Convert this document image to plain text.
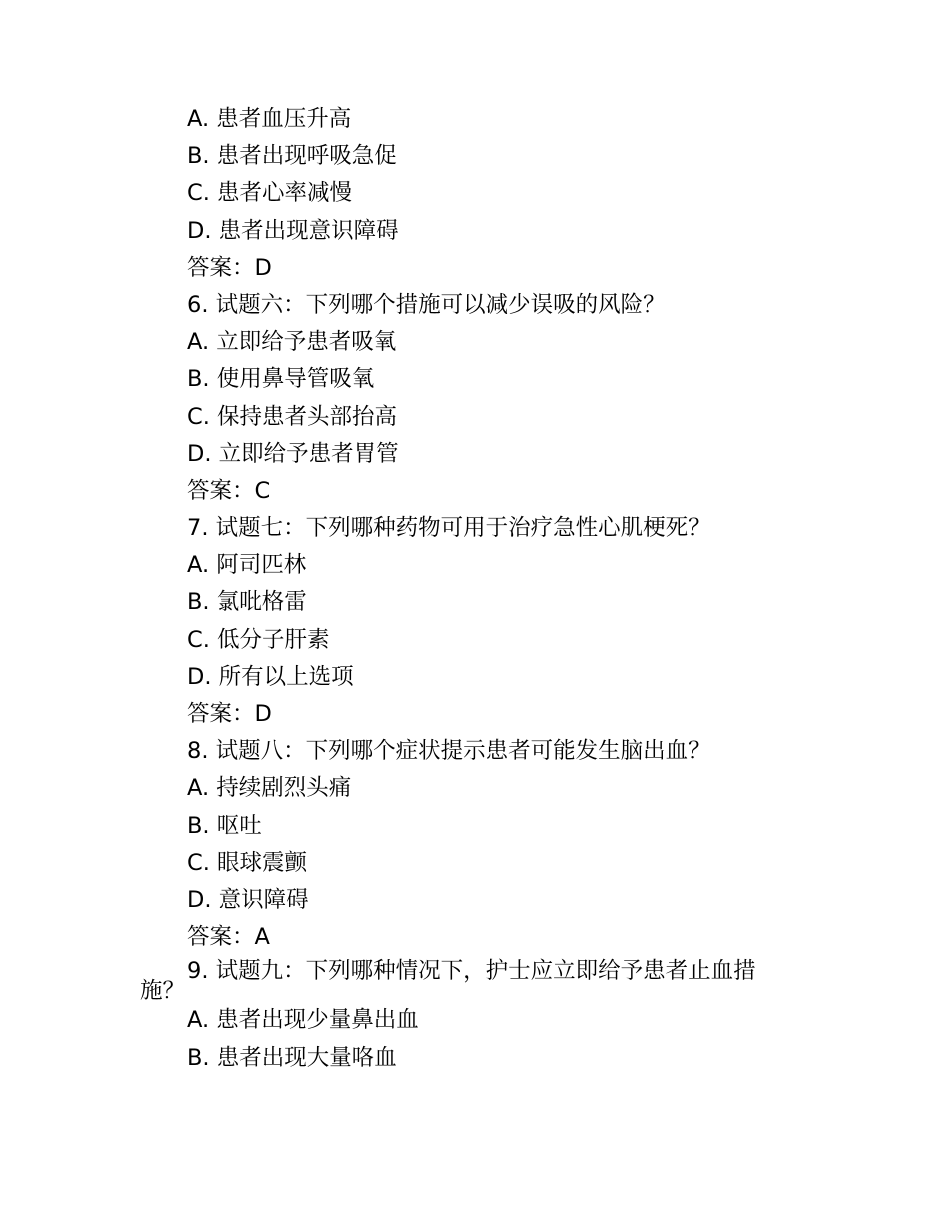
A. 患者血压升高
B. 患者出现呼吸急促
C. 患者心率减慢
D. 患者出现意识障碍
答案：D
6. 试题六：下列哪个措施可以减少误吸的风险？
A. 立即给予患者吸氧
B. 使用鼻导管吸氧
C. 保持患者头部抬高
D. 立即给予患者胃管
答案：C
7. 试题七：下列哪种药物可用于治疗急性心肌梗死？
A. 阿司匹林
B. 氯吡格雷
C. 低分子肝素
D. 所有以上选项
答案：D
8. 试题八：下列哪个症状提示患者可能发生脑出血？
A. 持续剧烈头痛
B. 呕吐
C. 眼球震颤
D. 意识障碍
答案：A
9. 试题九：下列哪种情况下，护士应立即给予患者止血措
施？
A. 患者出现少量鼻出血
B. 患者出现大量咯血
